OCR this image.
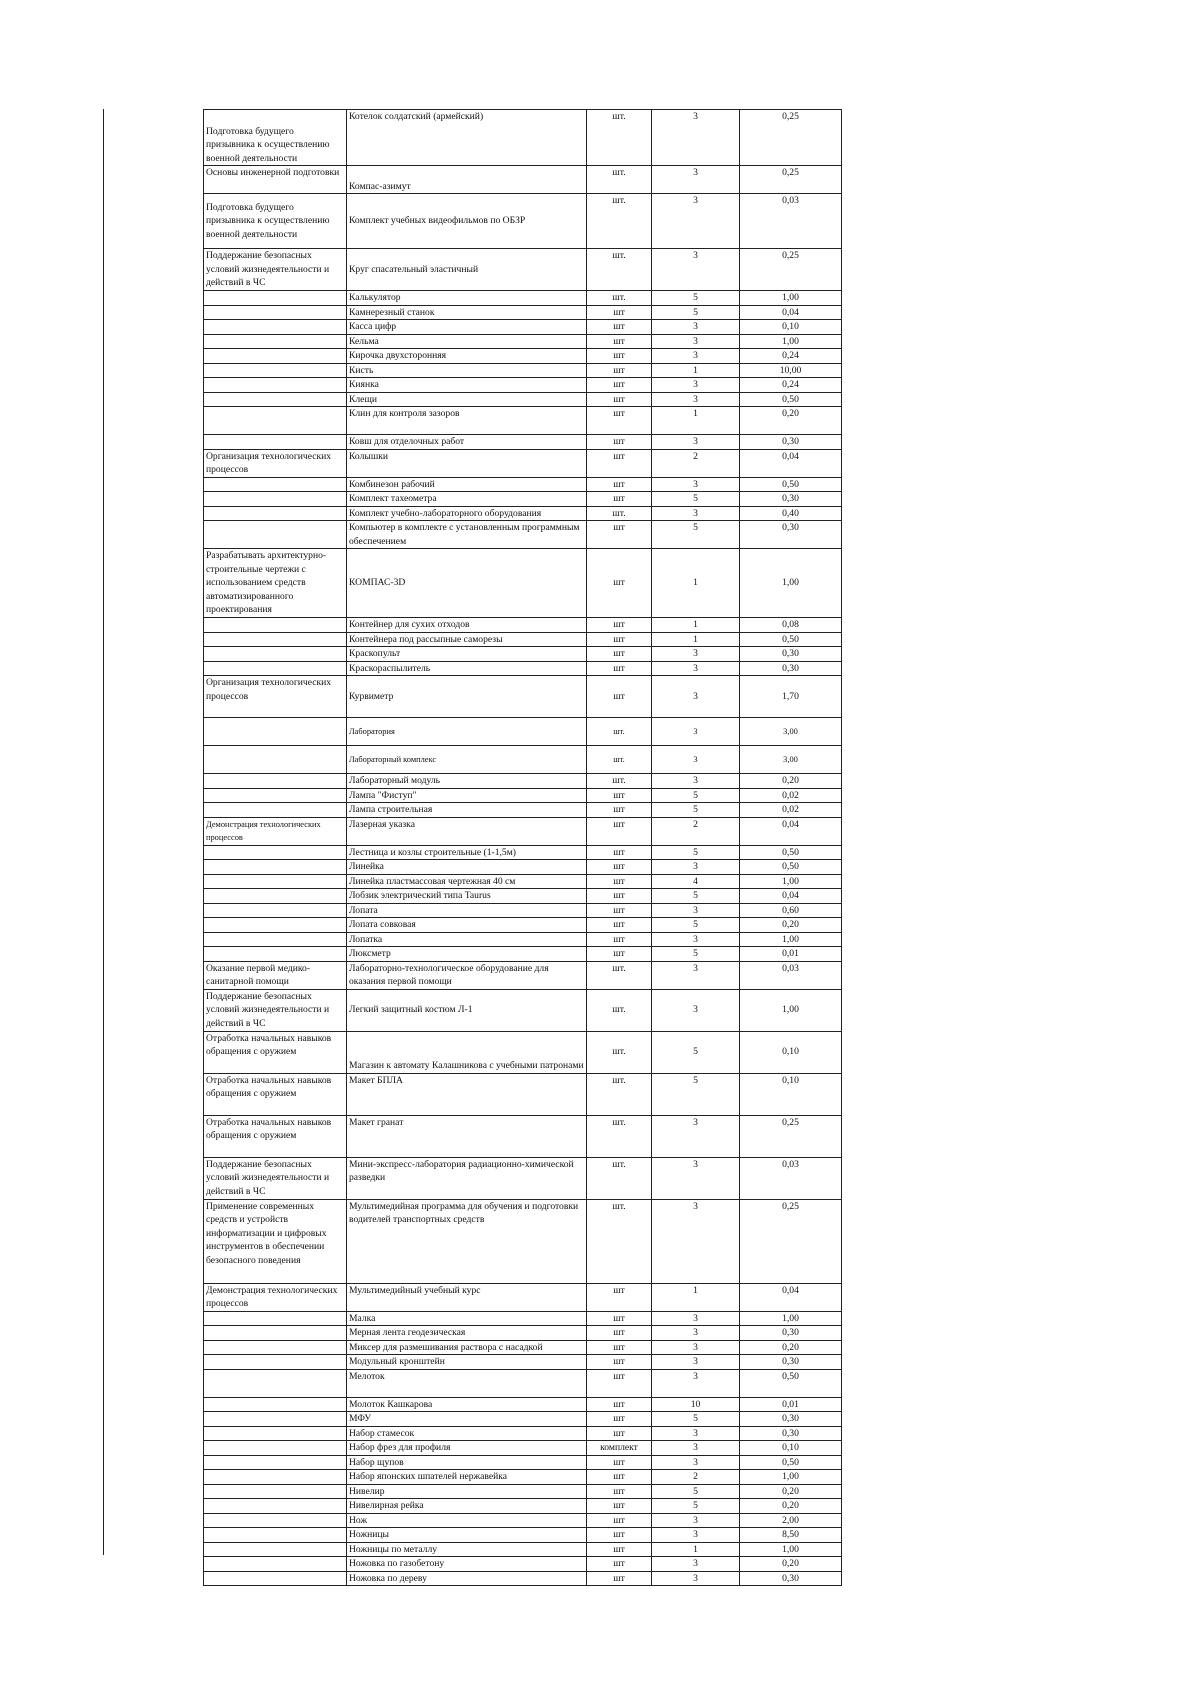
Подготовка будущего призывника к осуществлению военной деятельности	Котелок солдатский (армейский)	шт.	3	0,25
Основы инженерной подготовки	Компас-азимут	шт.	3	0,25
Подготовка будущего призывника к осуществлению военной деятельности	Комплект учебных видеофильмов по ОБЗР	шт.	3	0,03
Поддержание безопасных условий жизнедеятельности и действий в ЧС	Круг спасательный эластичный	шт.	3	0,25
	Калькулятор	шт.	5	1,00
	Камнерезный станок	шт	5	0,04
	Касса цифр	шт	3	0,10
	Кельма	шт	3	1,00
	Кирочка двухсторонняя	шт	3	0,24
	Кисть	шт	1	10,00
	Киянка	шт	3	0,24
	Клещи	шт	3	0,50
	Клин для контроля зазоров	шт	1	0,20
	Ковш для отделочных работ	шт	3	0,30
Организация технологических процессов	Колышки	шт	2	0,04
	Комбинезон рабочий	шт	3	0,50
	Комплект тахеометра	шт	5	0,30
	Комплект учебно-лабораторного оборудования	шт.	3	0,40
	Компьютер в комплекте с установленным программным обеспечением	шт	5	0,30
Разрабатывать архитектурно-строительные чертежи с использованием средств автоматизированного проектирования	КОМПАС-3D	шт	1	1,00
	Контейнер для сухих отходов	шт	1	0,08
	Контейнера под рассыпные саморезы	шт	1	0,50
	Краскопульт	шт	3	0,30
	Краскораспылитель	шт	3	0,30
Организация технологических процессов	Курвиметр	шт	3	1,70
	Лаборатория	шт.	3	3,00
	Лабораторный комплекс	шт.	3	3,00
	Лабораторный модуль	шт.	3	0,20
	Лампа "Фиступ"	шт	5	0,02
	Лампа строительная	шт	5	0,02
Демонстрация технологических процессов	Лазерная указка	шт	2	0,04
	Лестница и козлы строительные (1-1,5м)	шт	5	0,50
	Линейка	шт	3	0,50
	Линейка пластмассовая чертежная 40 см	шт	4	1,00
	Лобзик электрический типа Taurus	шт	5	0,04
	Лопата	шт	3	0,60
	Лопата совковая	шт	5	0,20
	Лопатка	шт	3	1,00
	Люксметр	шт	5	0,01
Оказание первой медико-санитарной помощи	Лабораторно-технологическое оборудование для оказания первой помощи	шт.	3	0,03
Поддержание безопасных условий жизнедеятельности и действий в ЧС	Легкий защитный костюм Л-1	шт.	3	1,00
Отработка начальных навыков обращения с оружием	Магазин к автомату Калашникова с учебными патронами	шт.	5	0,10
Отработка начальных навыков обращения с оружием	Макет БПЛА	шт.	5	0,10
Отработка начальных навыков обращения с оружием	Макет гранат	шт.	3	0,25
Поддержание безопасных условий жизнедеятельности и действий в ЧС	Мини-экспресс-лаборатория радиационно-химической разведки	шт.	3	0,03
Применение современных средств и устройств информатизации и цифровых инструментов в обеспечении безопасного поведения	Мультимедийная программа для обучения и подготовки водителей транспортных средств	шт.	3	0,25
Демонстрация технологических процессов	Мультимедийный учебный курс	шт	1	0,04
	Малка	шт	3	1,00
	Мерная лента геодезическая	шт	3	0,30
	Миксер для размешивания раствора с насадкой	шт	3	0,20
	Модульный кронштейн	шт	3	0,30
	Мелоток	шт	3	0,50
	Молоток Кашкарова	шт	10	0,01
	МФУ	шт	5	0,30
	Набор стамесок	шт	3	0,30
	Набор фрез для профиля	комплект	3	0,10
	Набор щупов	шт	3	0,50
	Набор японских шпателей нержавейка	шт	2	1,00
	Нивелир	шт	5	0,20
	Нивелирная рейка	шт	5	0,20
	Нож	шт	3	2,00
	Ножницы	шт	3	8,50
	Ножницы по металлу	шт	1	1,00
	Ножовка по газобетону	шт	3	0,20
	Ножовка по дереву	шт	3	0,30
